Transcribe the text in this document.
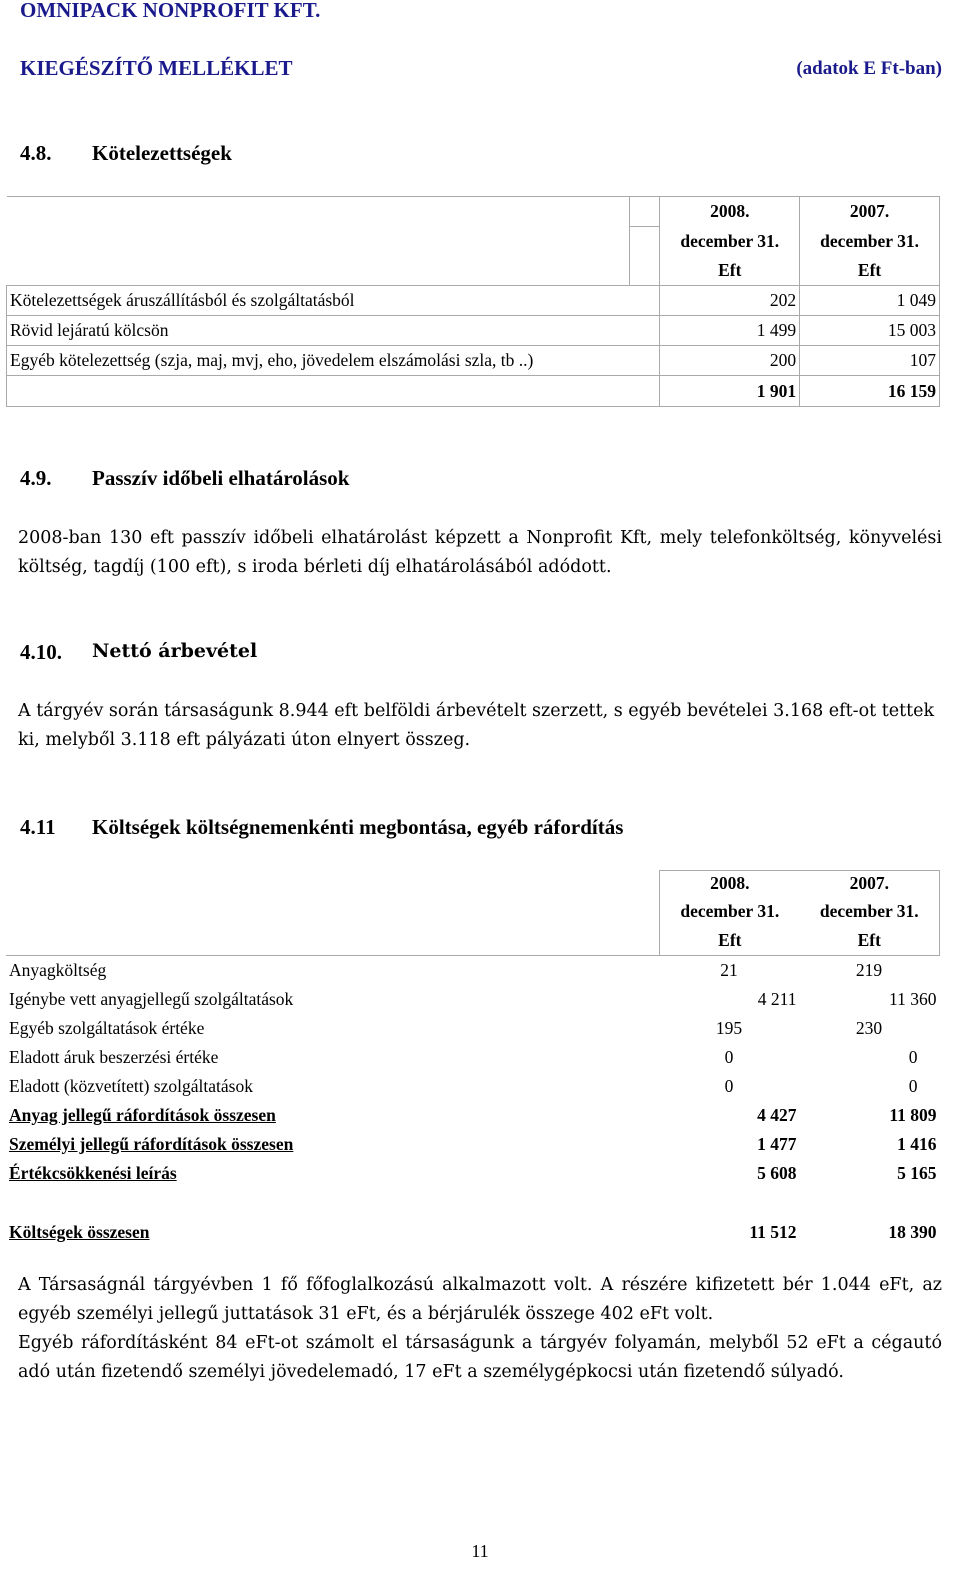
OMNIPACK NONPROFIT KFT.
KIEGÉSZÍTŐ MELLÉKLET	(adatok E Ft-ban)
4.8. Kötelezettségek
		2008.	2007.
		december 31.	december 31.
		Eft	Eft
Kötelezettségek áruszállításból és szolgáltatásból		202	1 049
Rövid lejáratú kölcsön		1 499	15 003
Egyéb kötelezettség (szja, maj, mvj, eho, jövedelem elszámolási szla, tb ..)		200	107
		1 901	16 159
4.9. Passzív időbeli elhatárolások
2008-ban 130 eft passzív időbeli elhatárolást képzett a Nonprofit Kft, mely telefonköltség, könyvelési költség, tagdíj (100 eft), s iroda bérleti díj elhatárolásából adódott.
4.10. Nettó árbevétel
A tárgyév során társaságunk 8.944 eft belföldi árbevételt szerzett, s egyéb bevételei 3.168 eft-ot tettek ki, melyből 3.118 eft pályázati úton elnyert összeg.
4.11 Költségek költségnemenkénti megbontása, egyéb ráfordítás
	2008.	2007.
	december 31.	december 31.
	Eft	Eft
Anyagköltség	21	219
Igénybe vett anyagjellegű szolgáltatások	4 211	11 360
Egyéb szolgáltatások értéke	195	230
Eladott áruk beszerzési értéke	0	0
Eladott (közvetített) szolgáltatások	0	0
Anyag jellegű ráfordítások összesen	4 427	11 809
Személyi jellegű ráfordítások összesen	1 477	1 416
Értékcsökkenési leírás	5 608	5 165

Költségek összesen	11 512	18 390
A Társaságnál tárgyévben 1 fő főfoglalkozású alkalmazott volt. A részére kifizetett bér 1.044 eFt, az egyéb személyi jellegű juttatások 31 eFt, és a bérjárulék összege 402 eFt volt.
Egyéb ráfordításként 84 eFt-ot számolt el társaságunk a tárgyév folyamán, melyből 52 eFt a cégautó adó után fizetendő személyi jövedelemadó, 17 eFt a személygépkocsi után fizetendő súlyadó.
11
